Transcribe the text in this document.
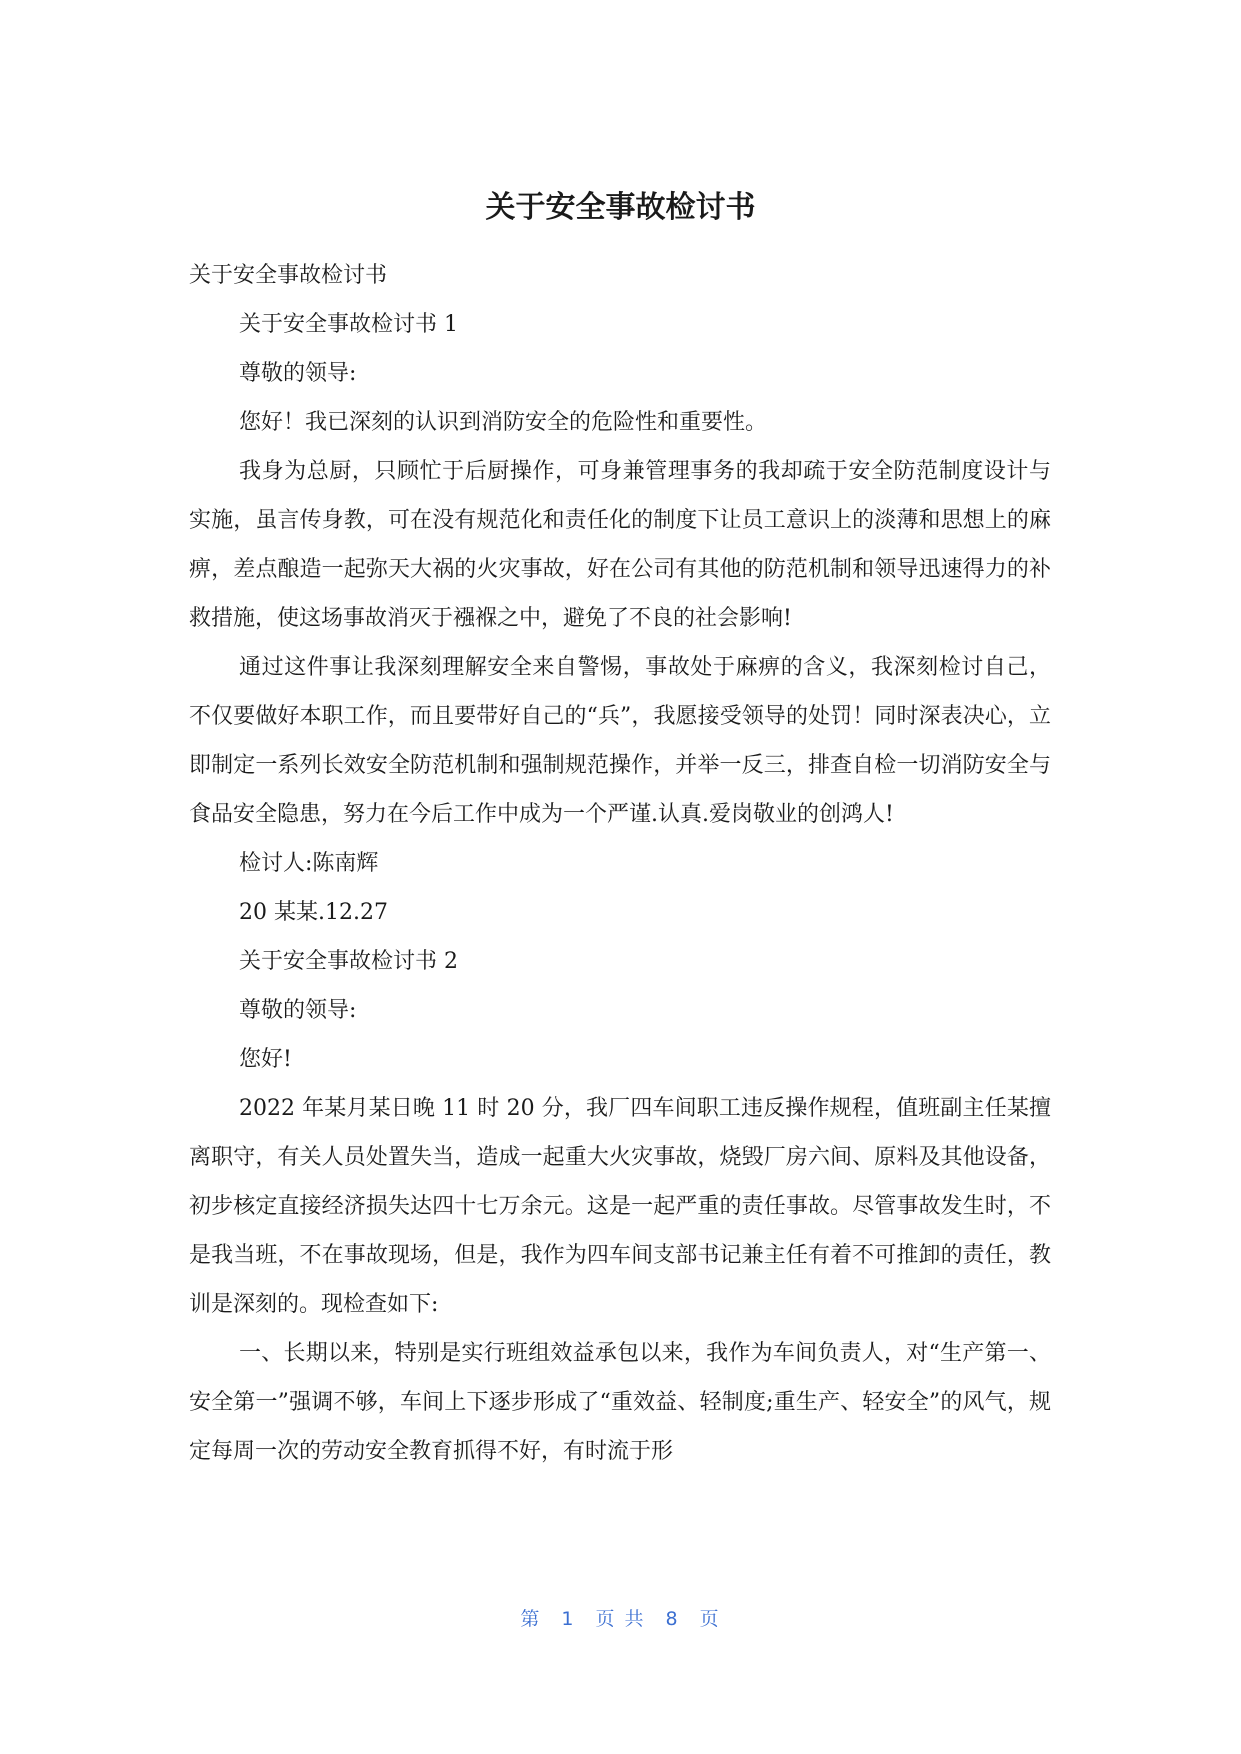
关于安全事故检讨书

关于安全事故检讨书

关于安全事故检讨书 1

尊敬的领导:

您好！我已深刻的认识到消防安全的危险性和重要性。

我身为总厨，只顾忙于后厨操作，可身兼管理事务的我却疏于安全防范制度设计与实施，虽言传身教，可在没有规范化和责任化的制度下让员工意识上的淡薄和思想上的麻痹，差点酿造一起弥天大祸的火灾事故，好在公司有其他的防范机制和领导迅速得力的补救措施，使这场事故消灭于襁褓之中，避免了不良的社会影响!

通过这件事让我深刻理解安全来自警惕，事故处于麻痹的含义，我深刻检讨自己，不仅要做好本职工作，而且要带好自己的“兵”，我愿接受领导的处罚！同时深表决心，立即制定一系列长效安全防范机制和强制规范操作，并举一反三，排查自检一切消防安全与食品安全隐患，努力在今后工作中成为一个严谨.认真.爱岗敬业的创鸿人!

检讨人:陈南辉

20 某某.12.27

关于安全事故检讨书 2

尊敬的领导:

您好!

2022 年某月某日晚 11 时 20 分，我厂四车间职工违反操作规程，值班副主任某擅离职守，有关人员处置失当，造成一起重大火灾事故，烧毁厂房六间、原料及其他设备，初步核定直接经济损失达四十七万余元。这是一起严重的责任事故。尽管事故发生时，不是我当班，不在事故现场，但是，我作为四车间支部书记兼主任有着不可推卸的责任，教训是深刻的。现检查如下:

一、长期以来，特别是实行班组效益承包以来，我作为车间负责人，对“生产第一、安全第一”强调不够，车间上下逐步形成了“重效益、轻制度;重生产、轻安全”的风气，规定每周一次的劳动安全教育抓得不好，有时流于形

第 1 页 共 8 页
